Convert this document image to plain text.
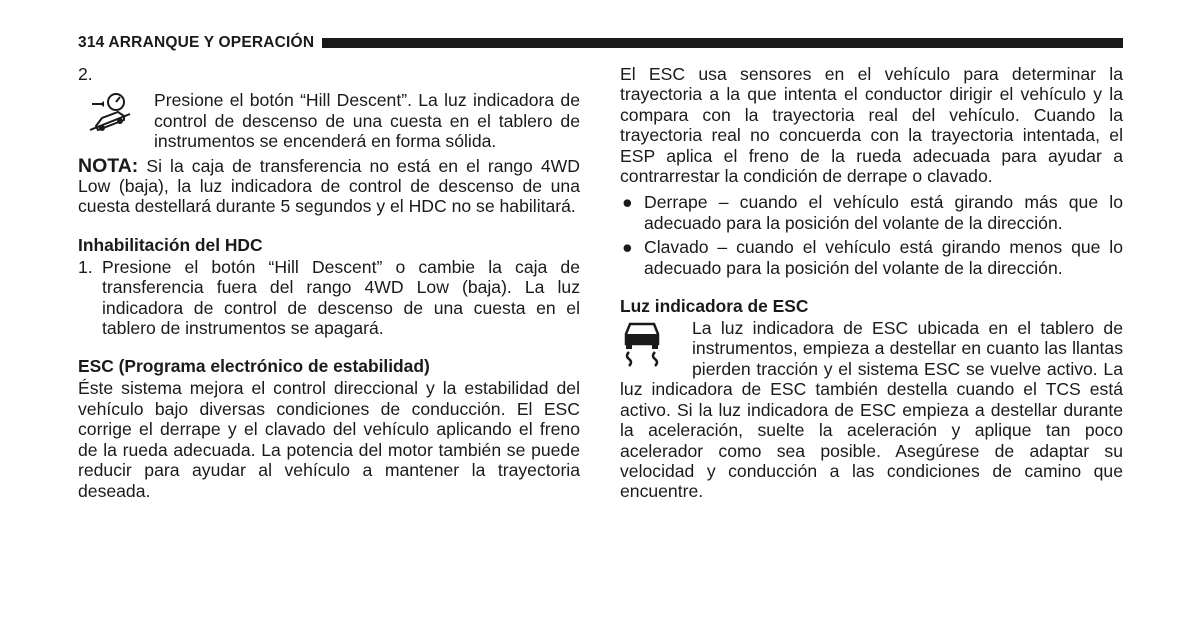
314 ARRANQUE Y OPERACIÓN

2.

Presione el botón “Hill Descent”. La luz indicadora de control de descenso de una cuesta en el tablero de instrumentos se encenderá en forma sólida.

NOTA: Si la caja de transferencia no está en el rango 4WD Low (baja), la luz indicadora de control de descenso de una cuesta destellará durante 5 segundos y el HDC no se habilitará.

Inhabilitación del HDC
1. Presione el botón “Hill Descent” o cambie la caja de transferencia fuera del rango 4WD Low (baja). La luz indicadora de control de descenso de una cuesta en el tablero de instrumentos se apagará.
ESC (Programa electrónico de estabilidad)

Éste sistema mejora el control direccional y la estabilidad del vehículo bajo diversas condiciones de conducción. El ESC corrige el derrape y el clavado del vehículo aplicando el freno de la rueda adecuada. La potencia del motor también se puede reducir para ayudar al vehículo a mantener la trayectoria deseada.

El ESC usa sensores en el vehículo para determinar la trayectoria a la que intenta el conductor dirigir el vehículo y la compara con la trayectoria real del vehículo. Cuando la trayectoria real no concuerda con la trayectoria intentada, el ESP aplica el freno de la rueda adecuada para ayudar a contrarrestar la condición de derrape o clavado.

● Derrape – cuando el vehículo está girando más que lo adecuado para la posición del volante de la dirección.
● Clavado – cuando el vehículo está girando menos que lo adecuado para la posición del volante de la dirección.
Luz indicadora de ESC

La luz indicadora de ESC ubicada en el tablero de instrumentos, empieza a destellar en cuanto las llantas pierden tracción y el sistema ESC se vuelve activo. La luz indicadora de ESC también destella cuando el TCS está activo. Si la luz indicadora de ESC empieza a destellar durante la aceleración, suelte la aceleración y aplique tan poco acelerador como sea posible. Asegúrese de adaptar su velocidad y conducción a las condiciones de camino que encuentre.
